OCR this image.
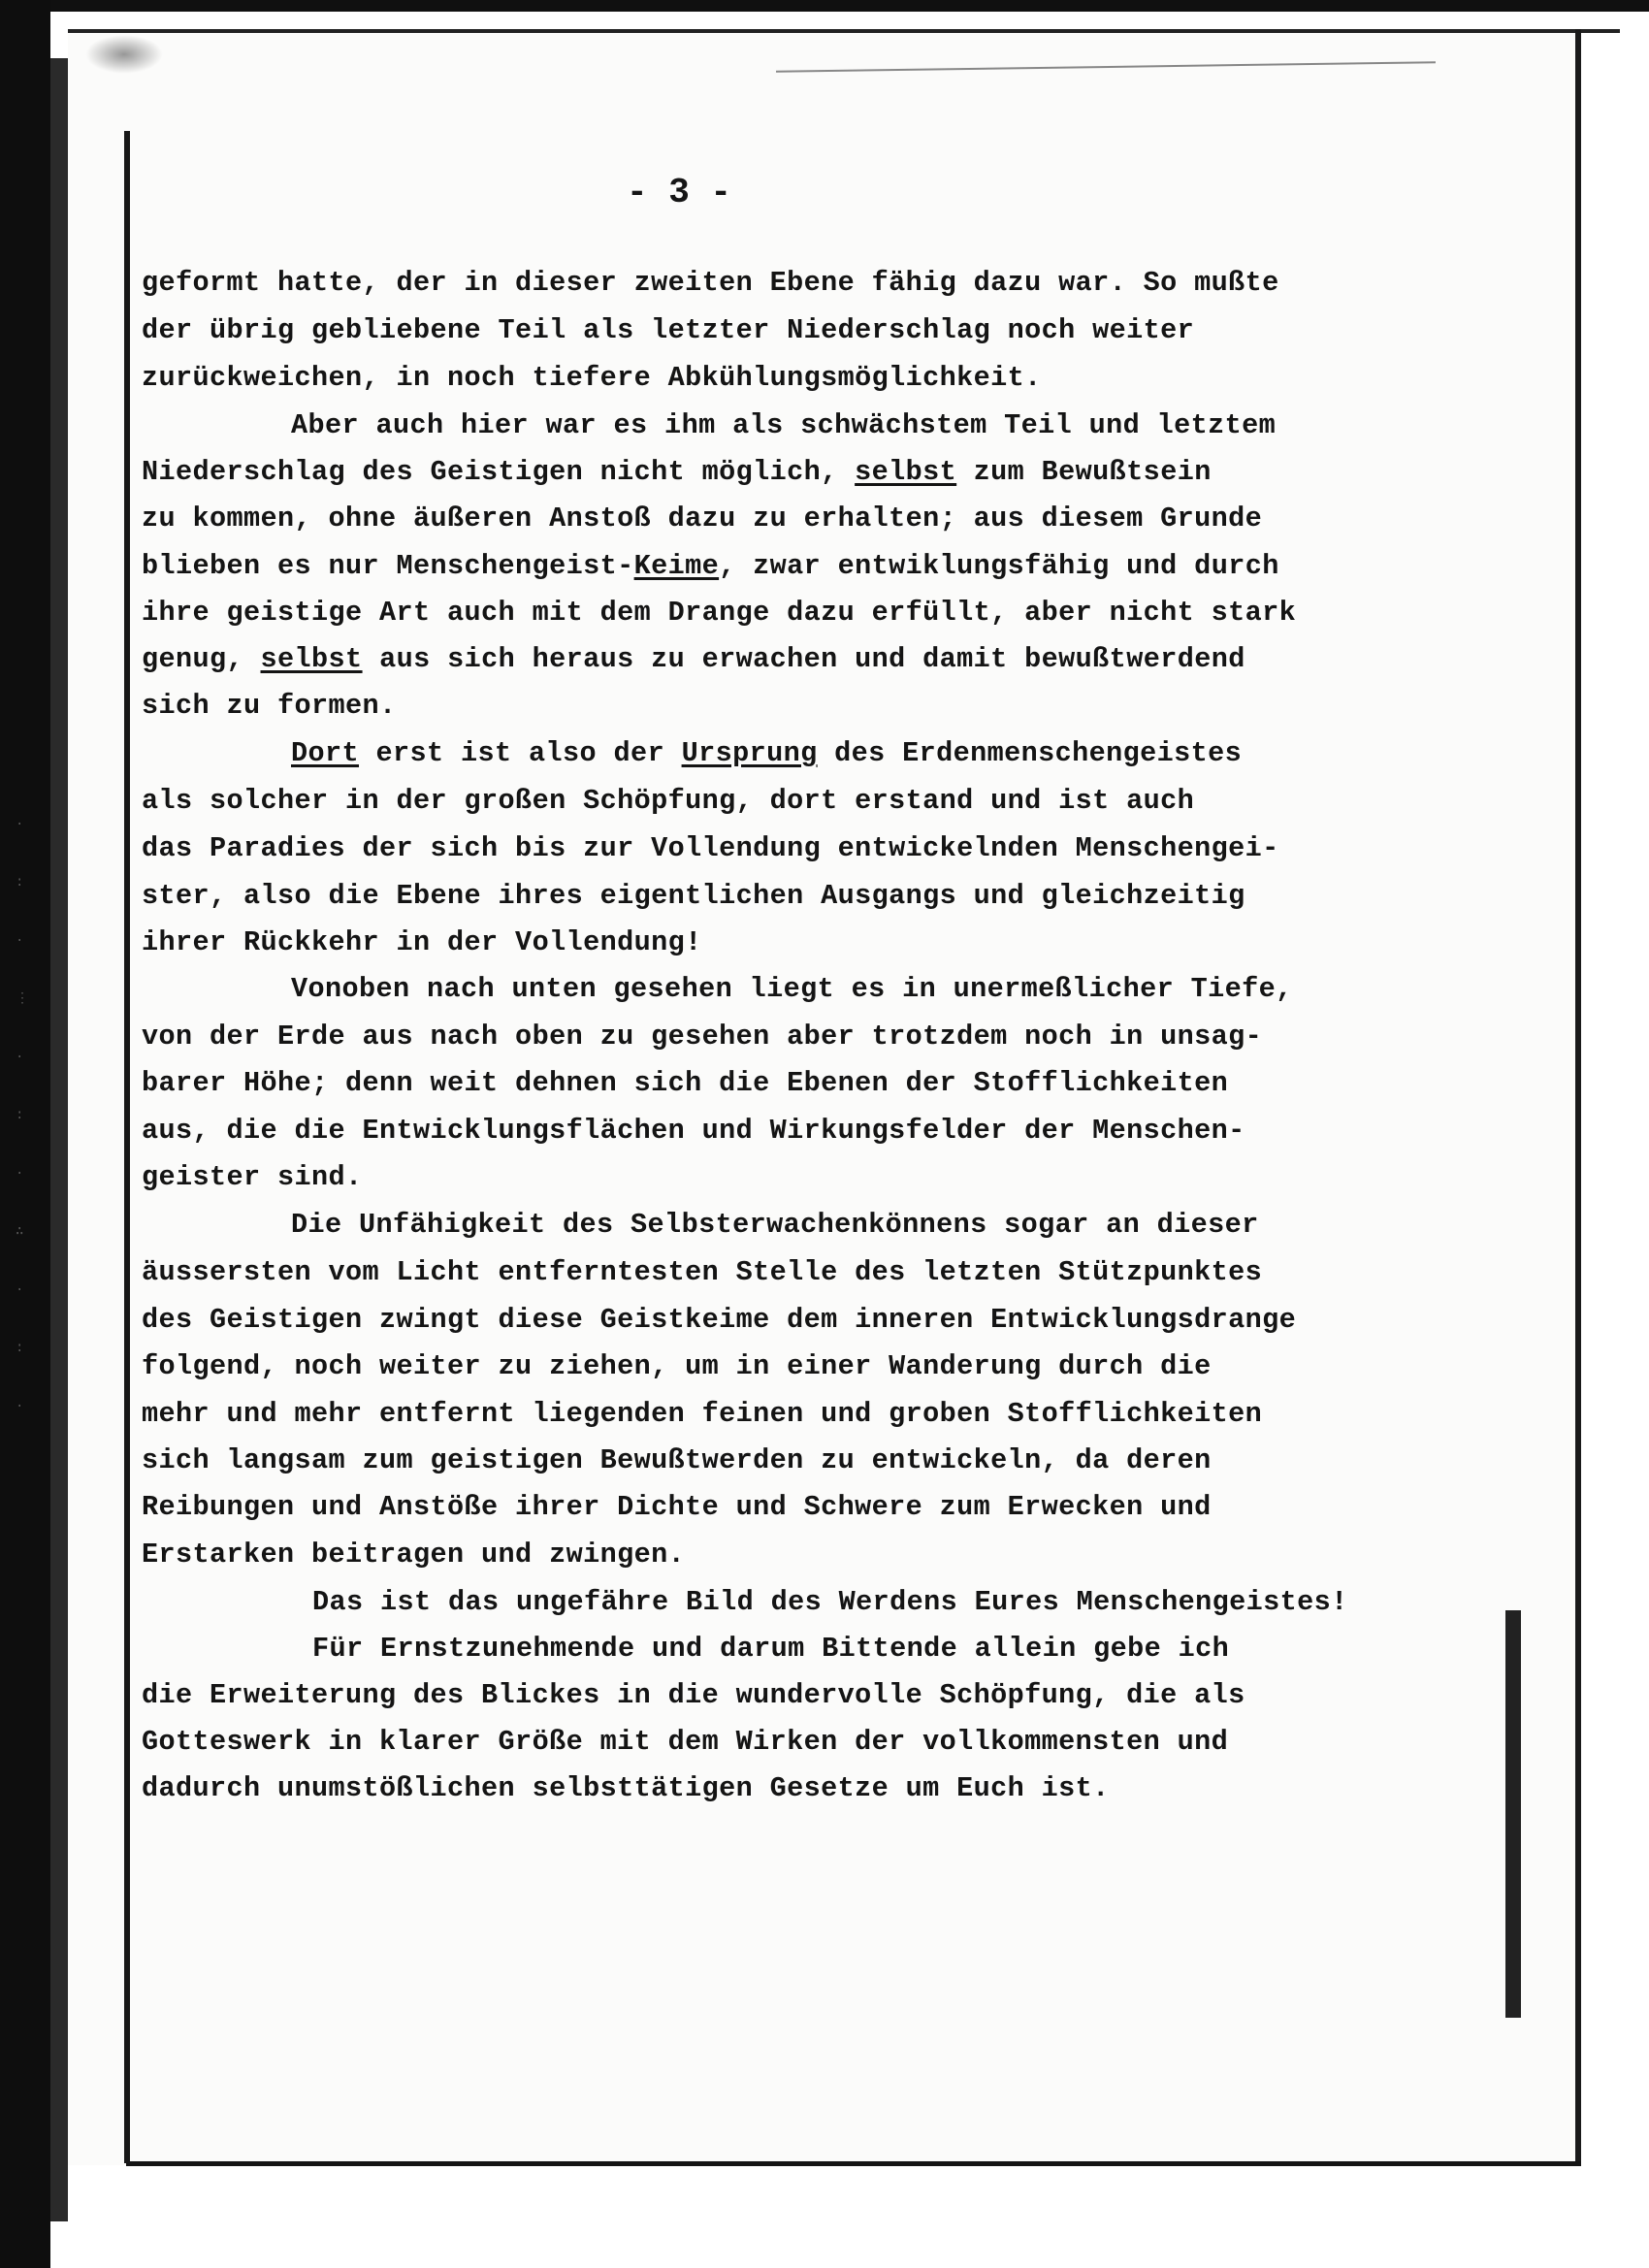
·
:
·
⋮
·
:
·
∴
·
:
·
- 3 -
geformt hatte, der in dieser zweiten Ebene fähig dazu war. So mußte
der übrig gebliebene Teil als letzter Niederschlag noch weiter
zurückweichen, in noch tiefere Abkühlungsmöglichkeit.
Aber auch hier war es ihm als schwächstem Teil und letztem
Niederschlag des Geistigen nicht möglich, selbst zum Bewußtsein
zu kommen, ohne äußeren Anstoß dazu zu erhalten; aus diesem Grunde
blieben es nur Menschengeist-Keime, zwar entwiklungsfähig und durch
ihre geistige Art auch mit dem Drange dazu erfüllt, aber nicht stark
genug, selbst aus sich heraus zu erwachen und damit bewußtwerdend
sich zu formen.
Dort erst ist also der Ursprung des Erdenmenschengeistes
als solcher in der großen Schöpfung, dort erstand und ist auch
das Paradies der sich bis zur Vollendung entwickelnden Menschengei-
ster, also die Ebene ihres eigentlichen Ausgangs und gleichzeitig
ihrer Rückkehr in der Vollendung!
Vonoben nach unten gesehen liegt es in unermeßlicher Tiefe,
von der Erde aus nach oben zu gesehen aber trotzdem noch in unsag-
barer Höhe; denn weit dehnen sich die Ebenen der Stofflichkeiten
aus, die die Entwicklungsflächen und Wirkungsfelder der Menschen-
geister sind.
Die Unfähigkeit des Selbsterwachenkönnens sogar an dieser
äussersten vom Licht entferntesten Stelle des letzten Stützpunktes
des Geistigen zwingt diese Geistkeime dem inneren Entwicklungsdrange
folgend, noch weiter zu ziehen, um in einer Wanderung durch die
mehr und mehr entfernt liegenden feinen und groben Stofflichkeiten
sich langsam zum geistigen Bewußtwerden zu entwickeln, da deren
Reibungen und Anstöße ihrer Dichte und Schwere zum Erwecken und
Erstarken beitragen und zwingen.
Das ist das ungefähre Bild des Werdens Eures Menschengeistes!
Für Ernstzunehmende und darum Bittende allein gebe ich
die Erweiterung des Blickes in die wundervolle Schöpfung, die als
Gotteswerk in klarer Größe mit dem Wirken der vollkommensten und
dadurch unumstößlichen selbsttätigen Gesetze um Euch ist.
